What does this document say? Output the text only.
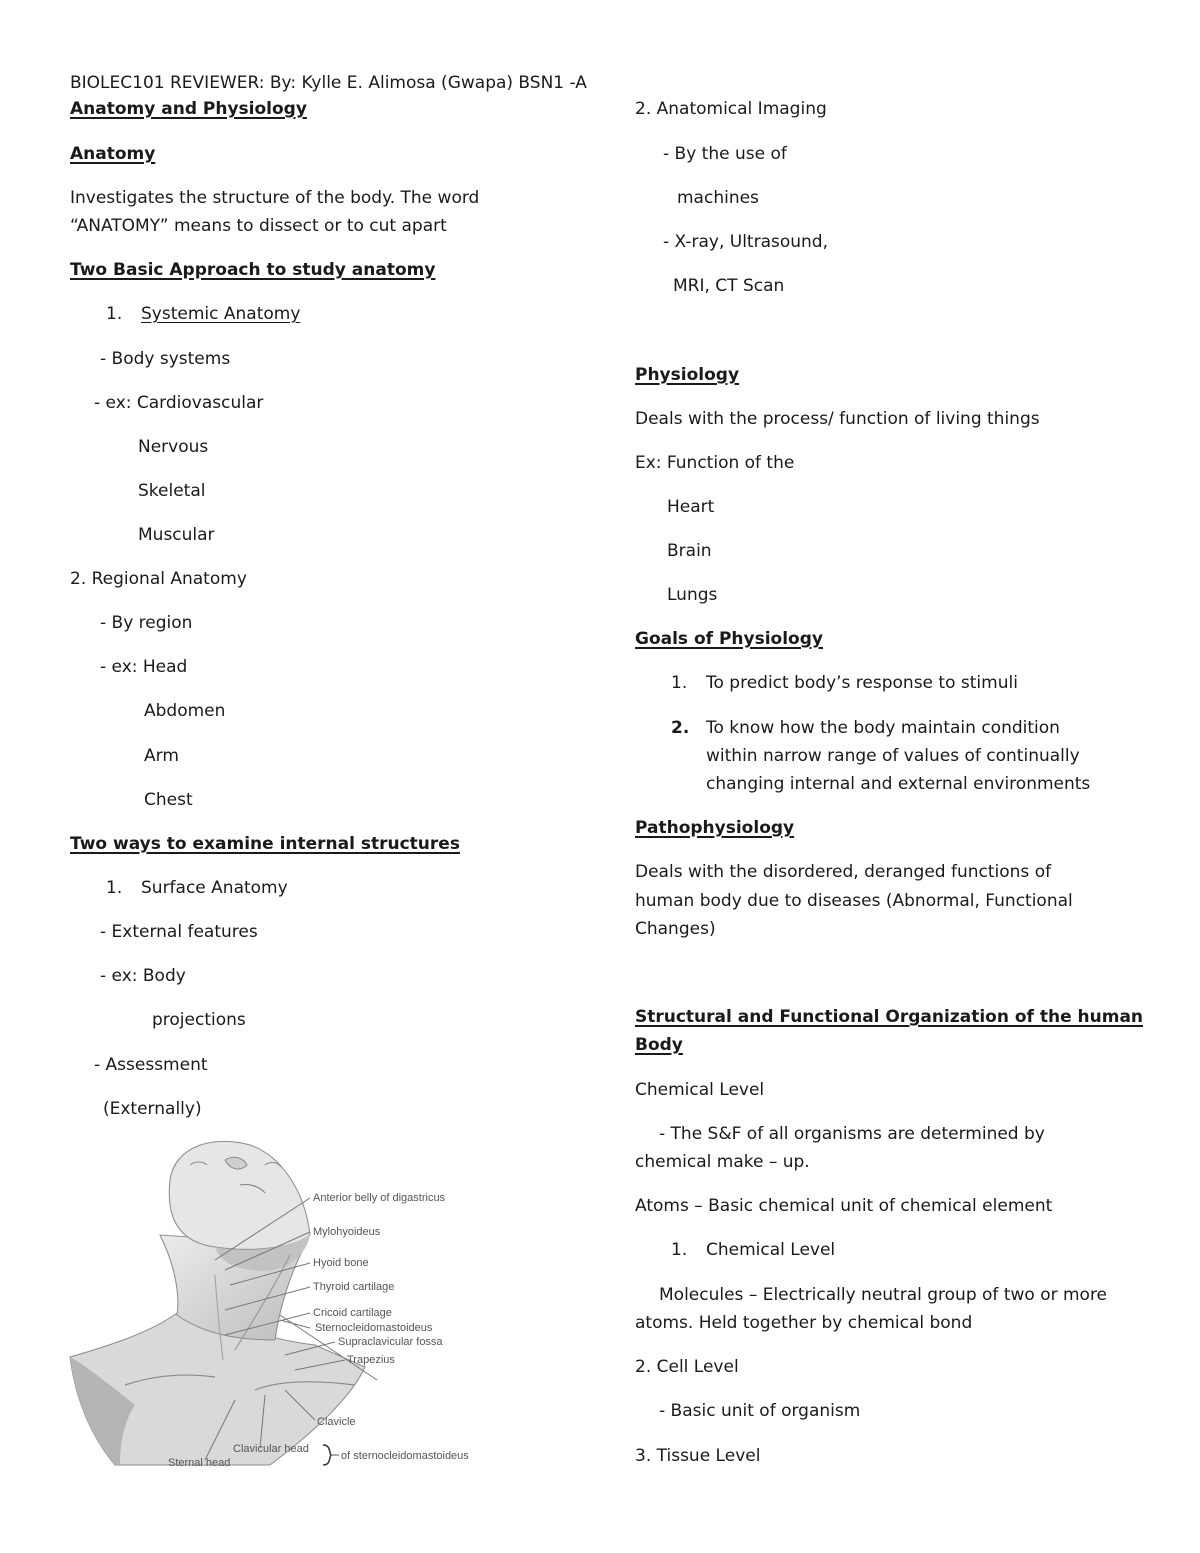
BIOLEC101 REVIEWER: By: Kylle E. Alimosa (Gwapa) BSN1 -A
Anatomy and Physiology
Anatomy
Investigates the structure of the body. The word
“ANATOMY” means to dissect or to cut apart
Two Basic Approach to study anatomy
1. Systemic Anatomy
- Body systems
- ex: Cardiovascular
Nervous
Skeletal
Muscular
2. Regional Anatomy
- By region
- ex: Head
Abdomen
Arm
Chest
Two ways to examine internal structures
1. Surface Anatomy
- External features
- ex: Body
projections
- Assessment
(Externally)
Anterior belly of digastricus
Mylohyoideus
Hyoid bone
Thyroid cartilage
Cricoid cartilage
Sternocleidomastoideus
Supraclavicular fossa
Trapezius
Clavicle
Clavicular head
Sternal head
of sternocleidomastoideus
2. Anatomical Imaging
- By the use of
machines
- X-ray, Ultrasound,
MRI, CT Scan
Physiology
Deals with the process/ function of living things
Ex: Function of the
Heart
Brain
Lungs
Goals of Physiology
1. To predict body’s response to stimuli
2. To know how the body maintain condition
within narrow range of values of continually
changing internal and external environments
Pathophysiology
Deals with the disordered, deranged functions of
human body due to diseases (Abnormal, Functional
Changes)
Structural and Functional Organization of the human
Body
Chemical Level
- The S&F of all organisms are determined by
chemical make – up.
Atoms – Basic chemical unit of chemical element
1. Chemical Level
Molecules – Electrically neutral group of two or more
atoms. Held together by chemical bond
2. Cell Level
- Basic unit of organism
3. Tissue Level
